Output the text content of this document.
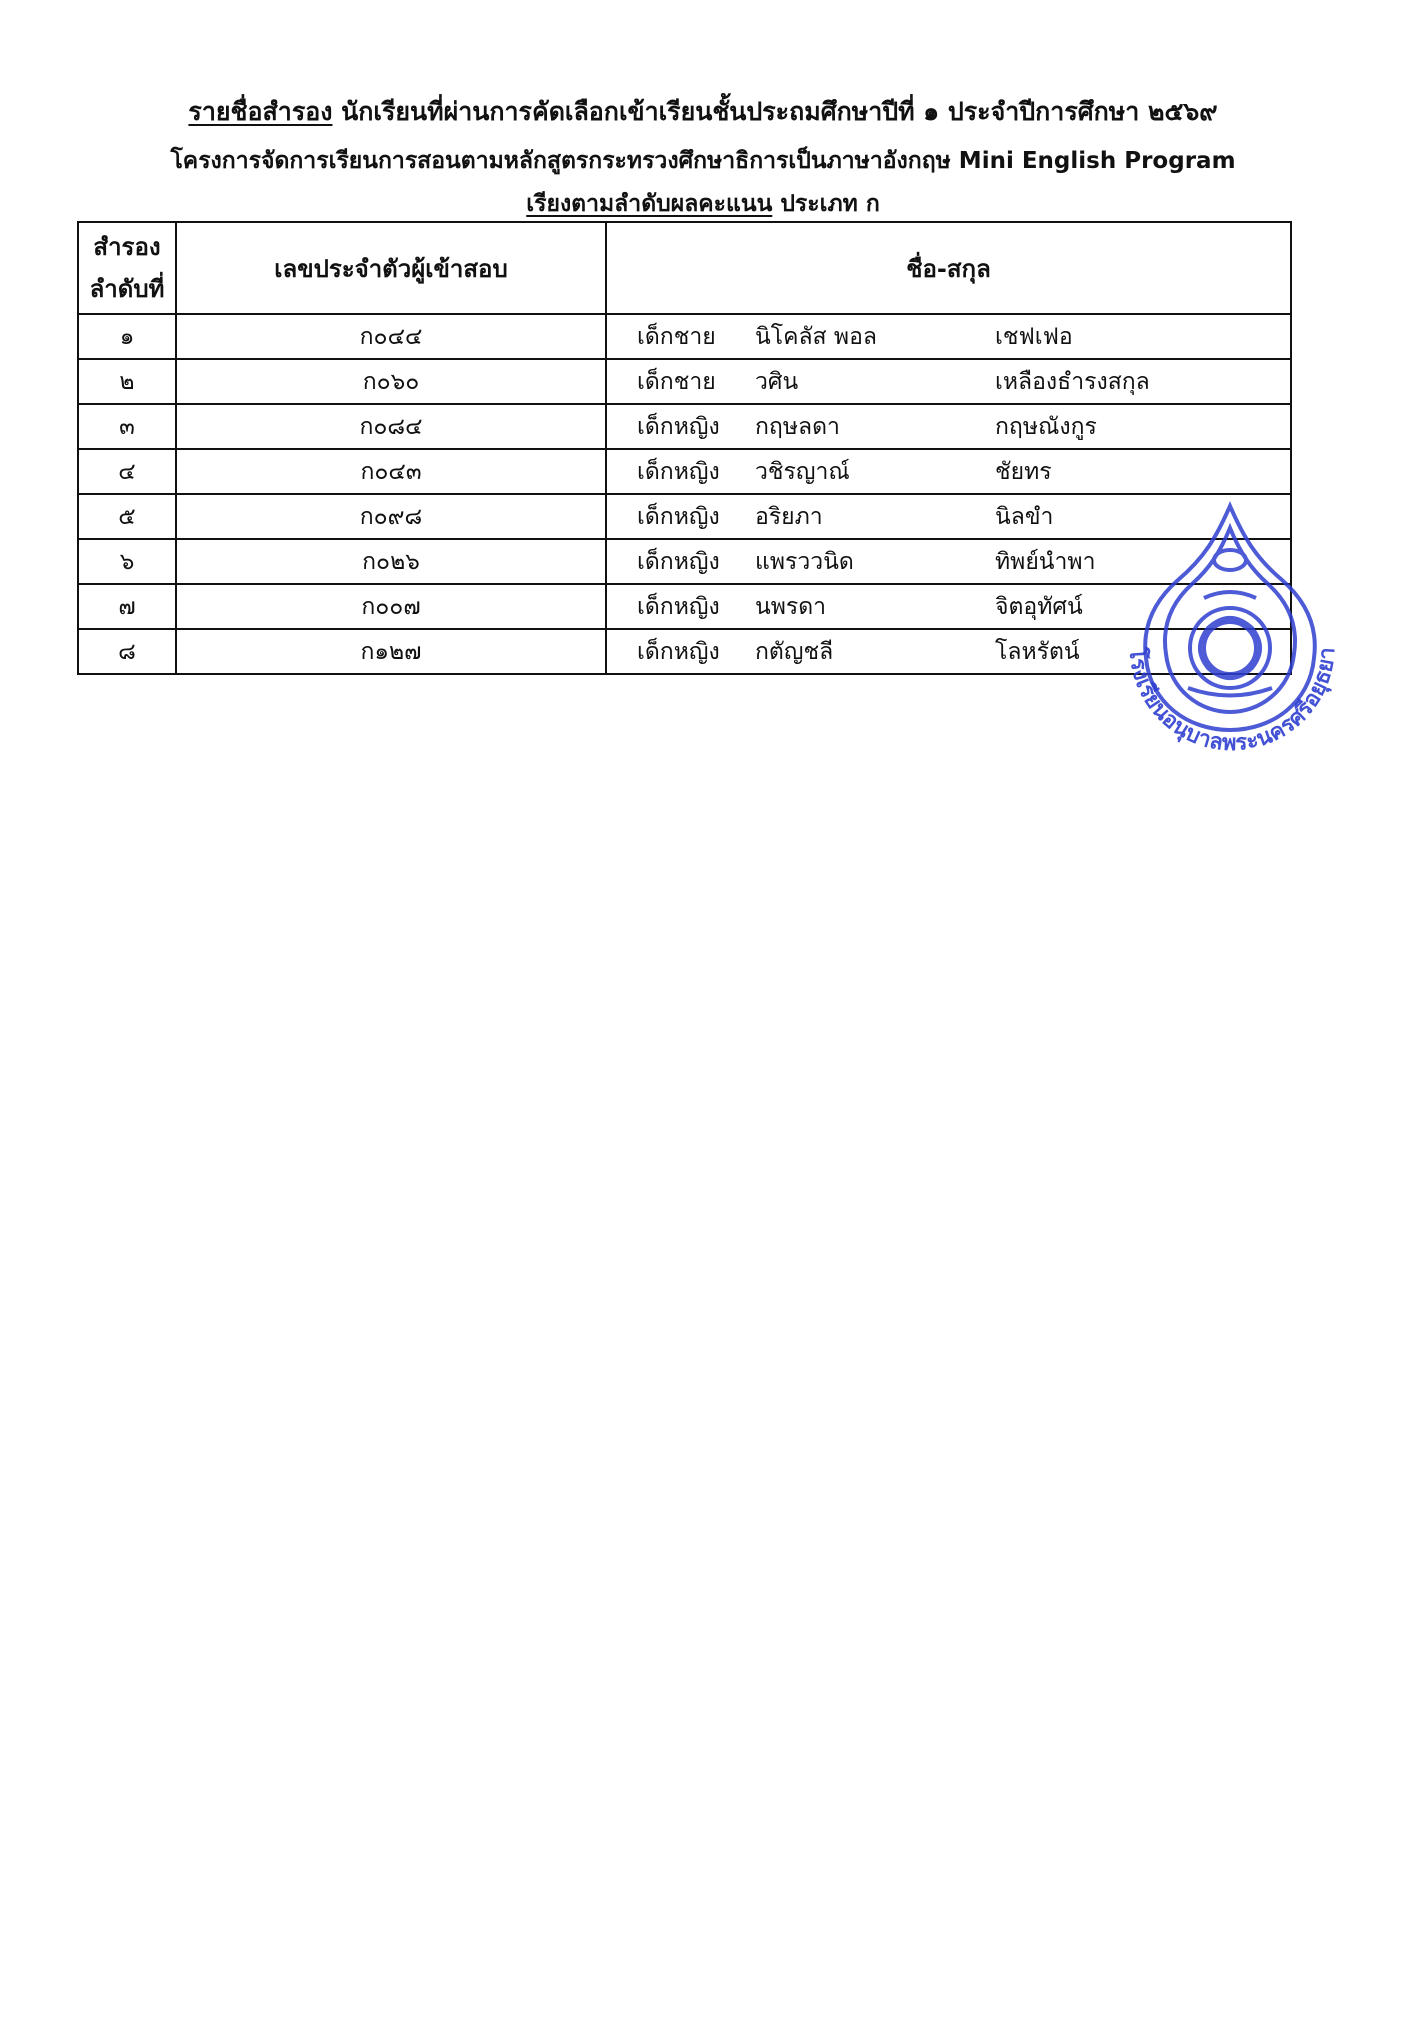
รายชื่อสำรอง นักเรียนที่ผ่านการคัดเลือกเข้าเรียนชั้นประถมศึกษาปีที่ ๑ ประจำปีการศึกษา ๒๕๖๙
โครงการจัดการเรียนการสอนตามหลักสูตรกระทรวงศึกษาธิการเป็นภาษาอังกฤษ Mini English Program
เรียงตามลำดับผลคะแนน ประเภท ก
สำรอง
ลำดับที่	เลขประจำตัวผู้เข้าสอบ	ชื่อ-สกุล
๑	ก๐๔๔	เด็กชาย นิโคลัส พอล เชฟเฟอ

๒	ก๐๖๐	เด็กชาย วศิน เหลืองธำรงสกุล

๓	ก๐๘๔	เด็กหญิง กฤษลดา กฤษณังกูร

๔	ก๐๔๓	เด็กหญิง วชิรญาณ์ ชัยทร

๕	ก๐๙๘	เด็กหญิง อริยภา นิลขำ

๖	ก๐๒๖	เด็กหญิง แพรววนิด ทิพย์นำพา

๗	ก๐๐๗	เด็กหญิง นพรดา จิตอุทัศน์

๘	ก๑๒๗	เด็กหญิง กตัญชลี โลหรัตน์	โรงเรียนอนุบาลพระนครศรีอยุธยา
